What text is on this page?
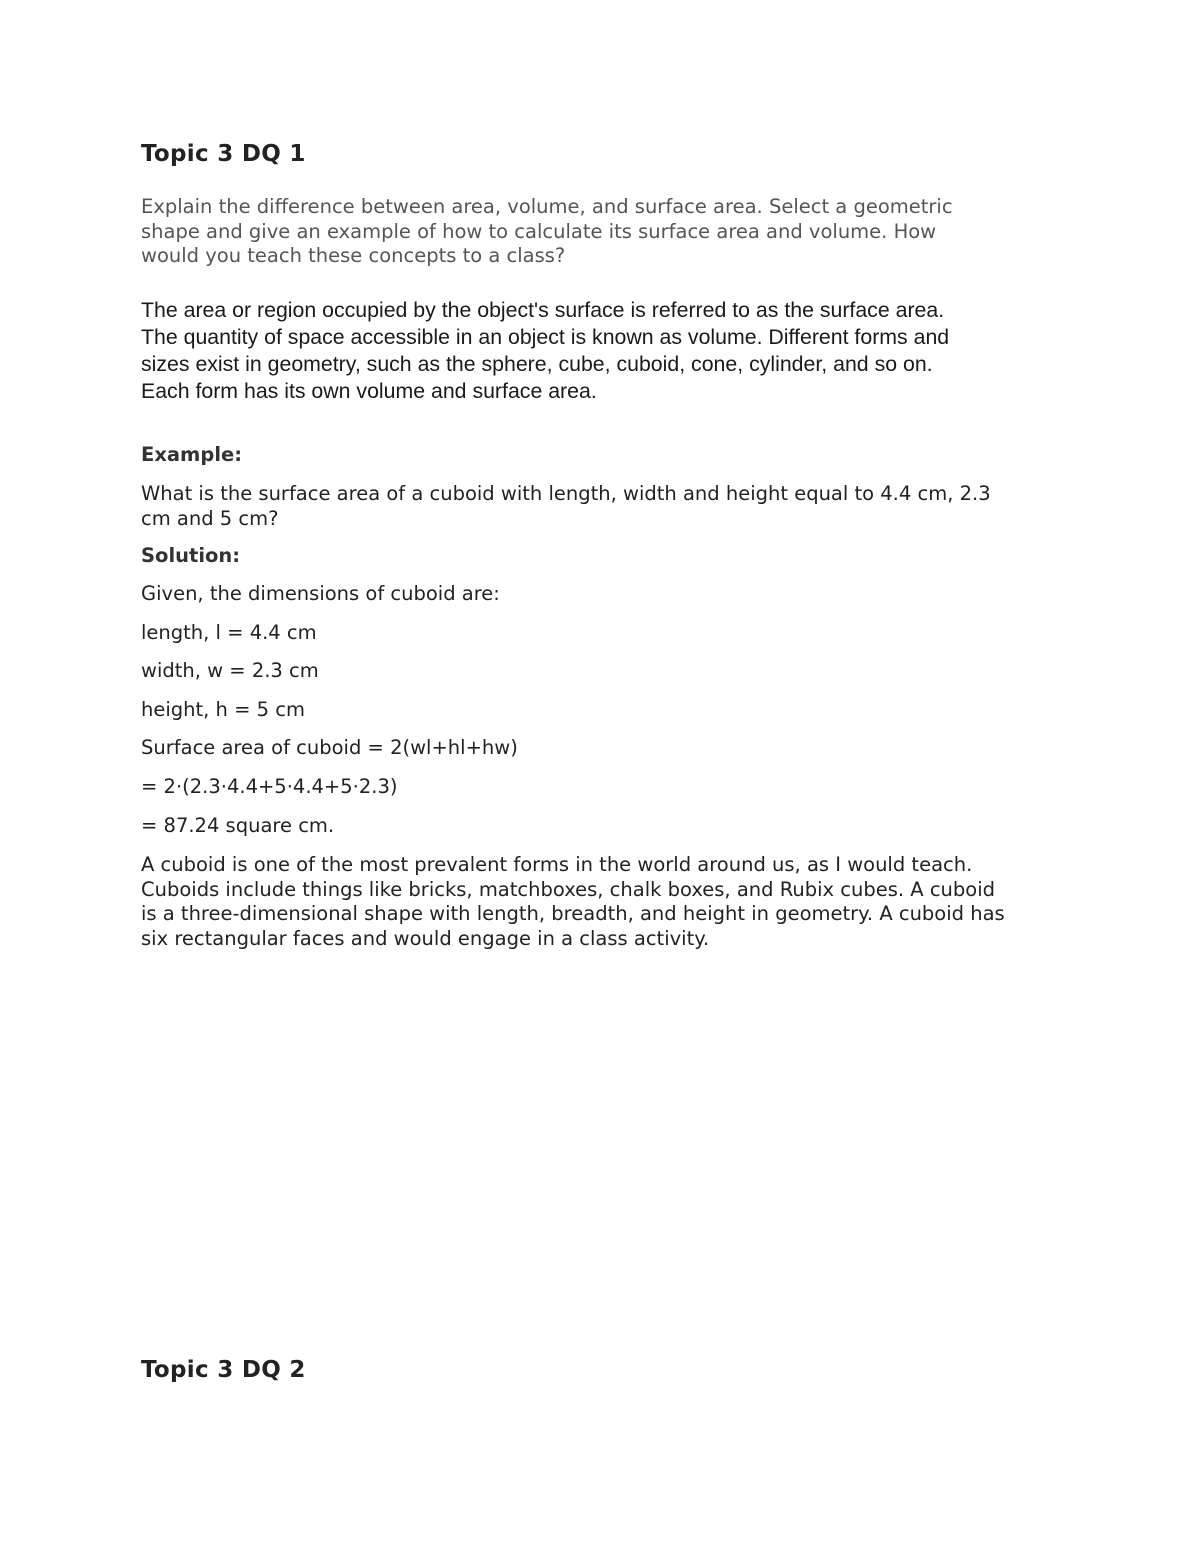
Topic 3 DQ 1
Explain the difference between area, volume, and surface area. Select a geometric
shape and give an example of how to calculate its surface area and volume. How
would you teach these concepts to a class?
The area or region occupied by the object's surface is referred to as the surface area.
The quantity of space accessible in an object is known as volume. Different forms and
sizes exist in geometry, such as the sphere, cube, cuboid, cone, cylinder, and so on.
Each form has its own volume and surface area.
Example:
What is the surface area of a cuboid with length, width and height equal to 4.4 cm, 2.3
cm and 5 cm?
Solution:
Given, the dimensions of cuboid are:
length, l = 4.4 cm
width, w = 2.3 cm
height, h = 5 cm
Surface area of cuboid = 2(wl+hl+hw)
= 2·(2.3·4.4+5·4.4+5·2.3)
= 87.24 square cm.
A cuboid is one of the most prevalent forms in the world around us, as I would teach.
Cuboids include things like bricks, matchboxes, chalk boxes, and Rubix cubes. A cuboid
is a three-dimensional shape with length, breadth, and height in geometry. A cuboid has
six rectangular faces and would engage in a class activity.
Topic 3 DQ 2
